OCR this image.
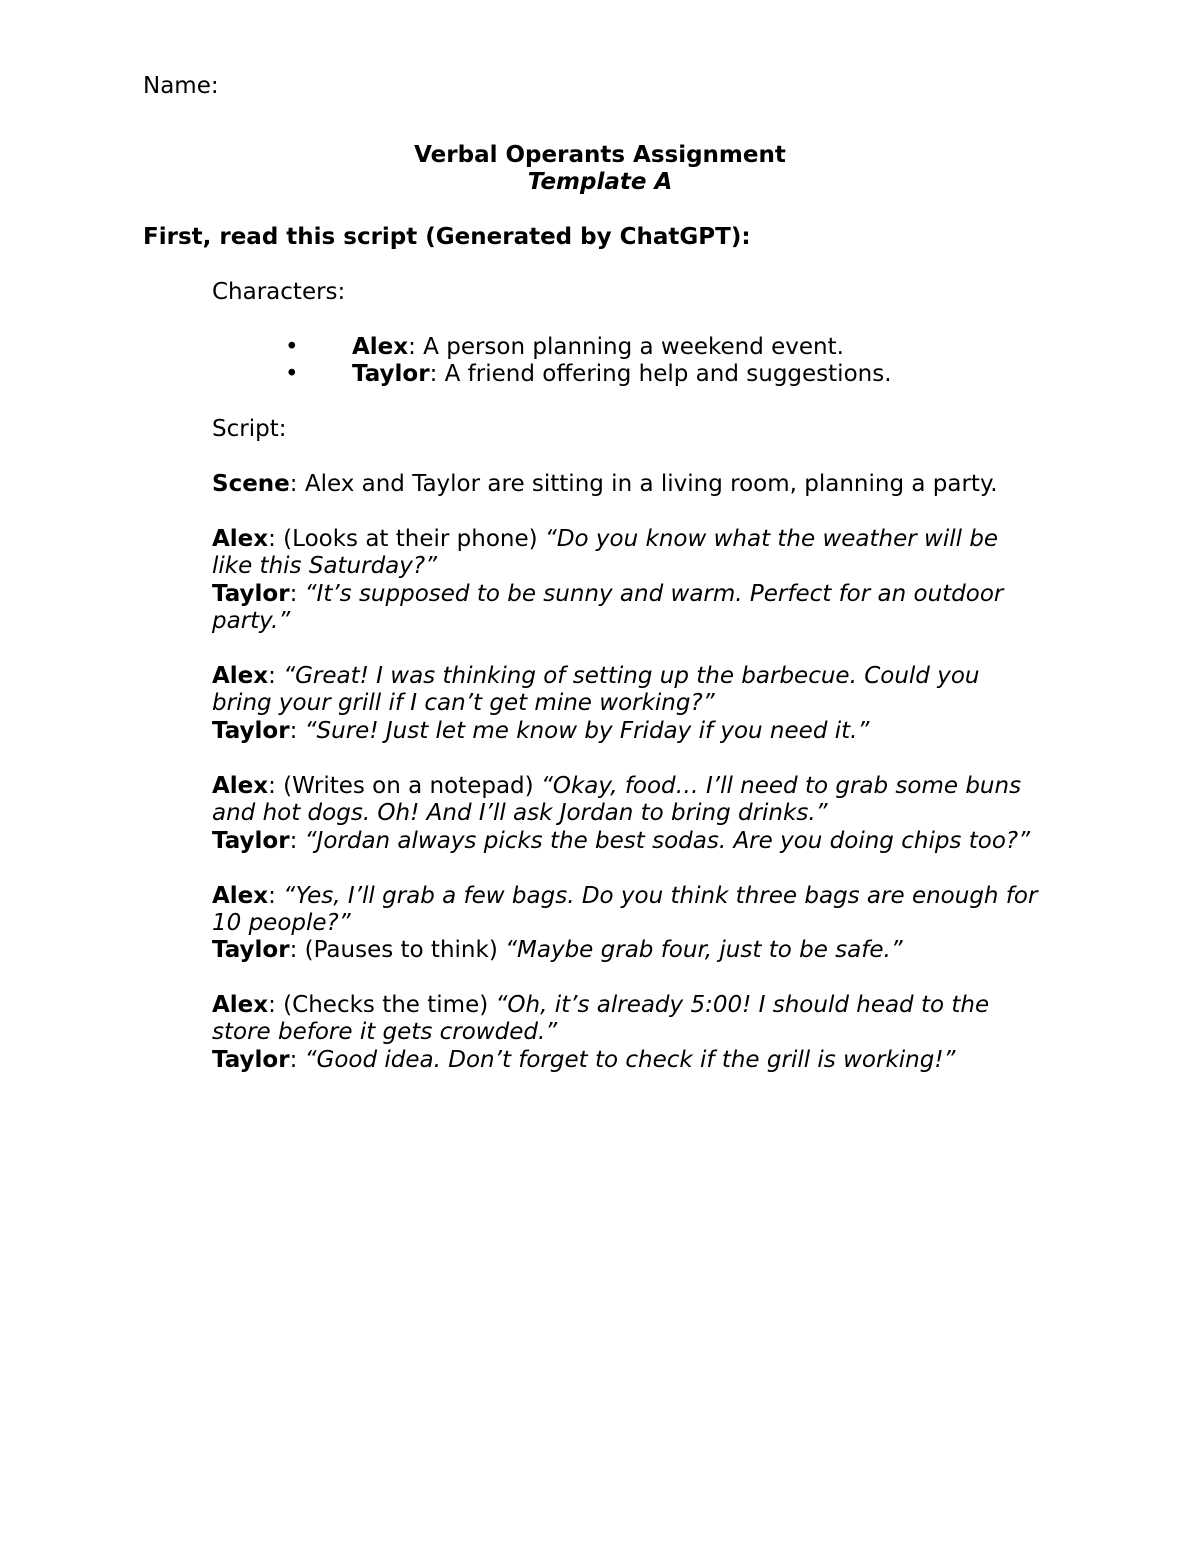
Name:
Verbal Operants Assignment
Template A
First, read this script (Generated by ChatGPT):
Characters:
• Alex: A person planning a weekend event.
• Taylor: A friend offering help and suggestions.
Script:
Scene: Alex and Taylor are sitting in a living room, planning a party.
Alex: (Looks at their phone) “Do you know what the weather will be
like this Saturday?”
Taylor: “It’s supposed to be sunny and warm. Perfect for an outdoor
party.”
Alex: “Great! I was thinking of setting up the barbecue. Could you
bring your grill if I can’t get mine working?”
Taylor: “Sure! Just let me know by Friday if you need it.”
Alex: (Writes on a notepad) “Okay, food… I’ll need to grab some buns
and hot dogs. Oh! And I’ll ask Jordan to bring drinks.”
Taylor: “Jordan always picks the best sodas. Are you doing chips too?”
Alex: “Yes, I’ll grab a few bags. Do you think three bags are enough for
10 people?”
Taylor: (Pauses to think) “Maybe grab four, just to be safe.”
Alex: (Checks the time) “Oh, it’s already 5:00! I should head to the
store before it gets crowded.”
Taylor: “Good idea. Don’t forget to check if the grill is working!”
